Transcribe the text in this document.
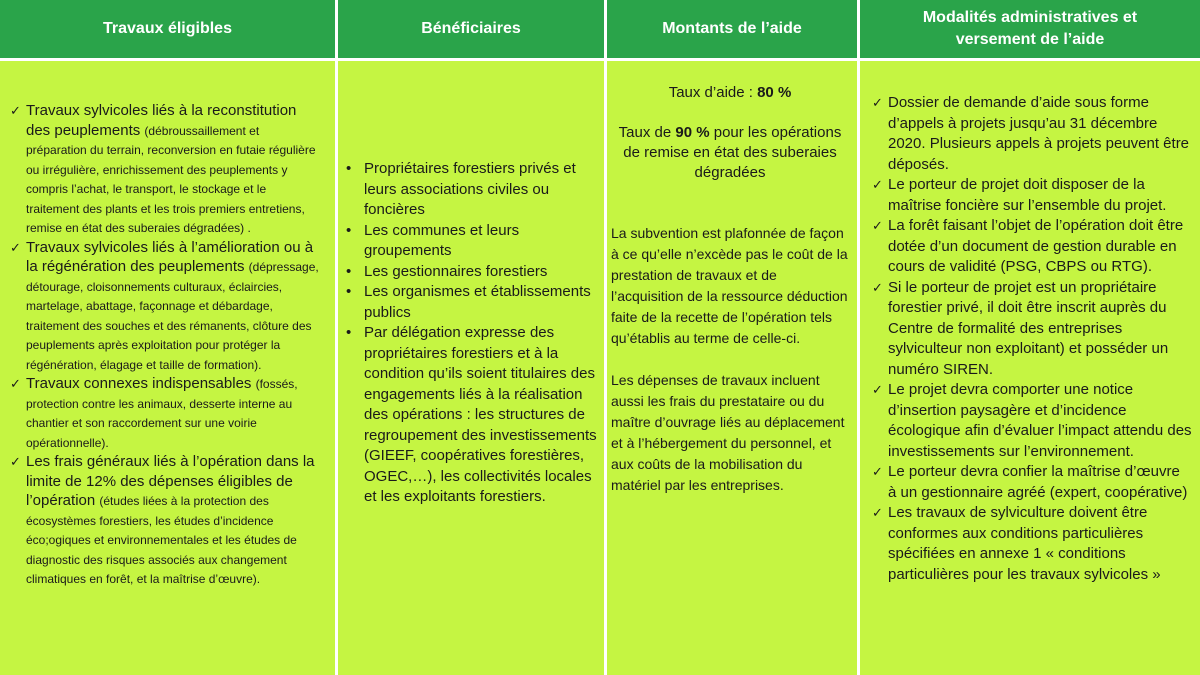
Travaux éligibles	Bénéficiaires	Montants de l’aide
Modalités administratives et versement de l’aide
✓ Travaux sylvicoles liés à la reconstitution des peuplements (débroussaillement et préparation du terrain, reconversion en futaie régulière ou irrégulière, enrichissement des peuplements y compris l’achat, le transport, le stockage et le traitement des plants et les trois premiers entretiens, remise en état des suberaies dégradées) .
✓ Travaux sylvicoles liés à l’amélioration ou à la régénération des peuplements (dépressage, détourage, cloisonnements culturaux, éclaircies, martelage, abattage, façonnage et débardage, traitement des souches et des rémanents, clôture des peuplements après exploitation pour protéger la régénération, élagage et taille de formation).
✓ Travaux connexes indispensables (fossés, protection contre les animaux, desserte interne au chantier et son raccordement sur une voirie opérationnelle).
✓ Les frais généraux liés à l’opération dans la limite de 12% des dépenses éligibles de l’opération (études liées à la protection des écosystèmes forestiers, les études d’incidence éco;ogiques et environnementales et les études de diagnostic des risques associés aux changement climatiques en forêt, et la maîtrise d’œuvre).
• Propriétaires forestiers privés et leurs associations civiles ou foncières
• Les communes et leurs groupements
• Les gestionnaires forestiers
• Les organismes et établissements publics
• Par délégation expresse des propriétaires forestiers et à la condition qu’ils soient titulaires des engagements liés à la réalisation des opérations : les structures de regroupement des investissements (GIEEF, coopératives forestières, OGEC,…), les collectivités locales et les exploitants forestiers.

Taux d’aide : 80 %

Taux de 90 % pour les opérations de remise en état des suberaies dégradées

La subvention est plafonnée de façon à ce qu’elle n’excède pas le coût de la prestation de travaux et de l’acquisition de la ressource déduction faite de la recette de l’opération tels qu’établis au terme de celle-ci.

Les dépenses de travaux incluent aussi les frais du prestataire ou du maître d’ouvrage liés au déplacement et à l’hébergement du personnel, et aux coûts de la mobilisation du matériel par les entreprises.

✓ Dossier de demande d’aide sous forme d’appels à projets jusqu’au 31 décembre 2020. Plusieurs appels à projets peuvent être déposés.
✓ Le porteur de projet doit disposer de la maîtrise foncière sur l’ensemble du projet.
✓ La forêt faisant l’objet de l’opération doit être dotée d’un document de gestion durable en cours de validité (PSG, CBPS ou RTG).
✓ Si le porteur de projet est un propriétaire forestier privé, il doit être inscrit auprès du Centre de formalité des entreprises sylviculteur non exploitant) et posséder un numéro SIREN.
✓ Le projet devra comporter une notice d’insertion paysagère et d’incidence écologique afin d’évaluer l’impact attendu des investissements sur l’environnement.
✓ Le porteur devra confier la maîtrise d’œuvre à un gestionnaire agréé (expert, coopérative)
✓ Les travaux de sylviculture doivent être conformes aux conditions particulières spécifiées en annexe 1 « conditions particulières pour les travaux sylvicoles »
